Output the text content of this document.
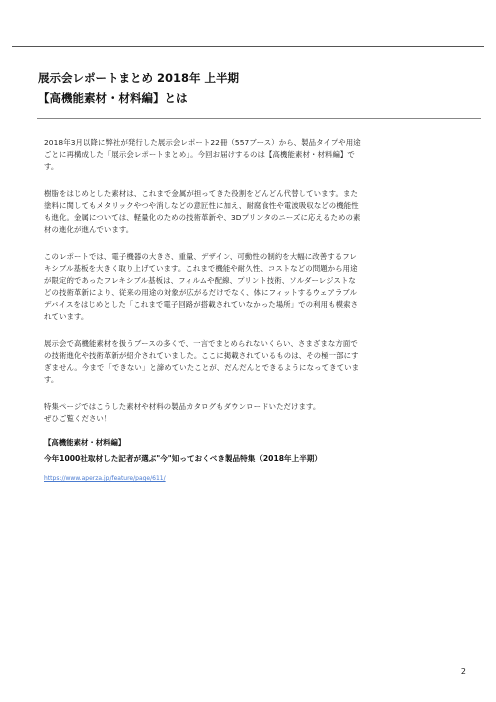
展示会レポートまとめ 2018年 上半期
【高機能素材・材料編】とは

2018年3月以降に弊社が発行した展示会レポート22冊（557ブース）から、製品タイプや用途
ごとに再構成した「展示会レポートまとめ」。今回お届けするのは【高機能素材・材料編】で
す。

樹脂をはじめとした素材は、これまで金属が担ってきた役割をどんどん代替しています。また
塗料に関してもメタリックやつや消しなどの意匠性に加え、耐腐食性や電波吸収などの機能性
も進化。金属については、軽量化のための技術革新や、3Dプリンタのニーズに応えるための素
材の進化が進んでいます。

このレポートでは、電子機器の大きさ、重量、デザイン、可動性の制約を大幅に改善するフレ
キシブル基板を大きく取り上げています。これまで機能や耐久性、コストなどの問題から用途
が限定的であったフレキシブル基板は、フィルムや配線、プリント技術、ソルダーレジストな
どの技術革新により、従来の用途の対象が広がるだけでなく、体にフィットするウェアラブル
デバイスをはじめとした「これまで電子回路が搭載されていなかった場所」での利用も模索さ
れています。

展示会で高機能素材を扱うブースの多くで、一言でまとめられないくらい、さまざまな方面で
の技術進化や技術革新が紹介されていました。ここに掲載されているものは、その極一部にす
ぎません。今まで「できない」と諦めていたことが、だんだんとできるようになってきていま
す。

特集ページではこうした素材や材料の製品カタログもダウンロードいただけます。
ぜひご覧ください！

【高機能素材・材料編】
今年1000社取材した記者が選ぶ"今"知っておくべき製品特集（2018年上半期）
https://www.aperza.jp/feature/page/611/
2
